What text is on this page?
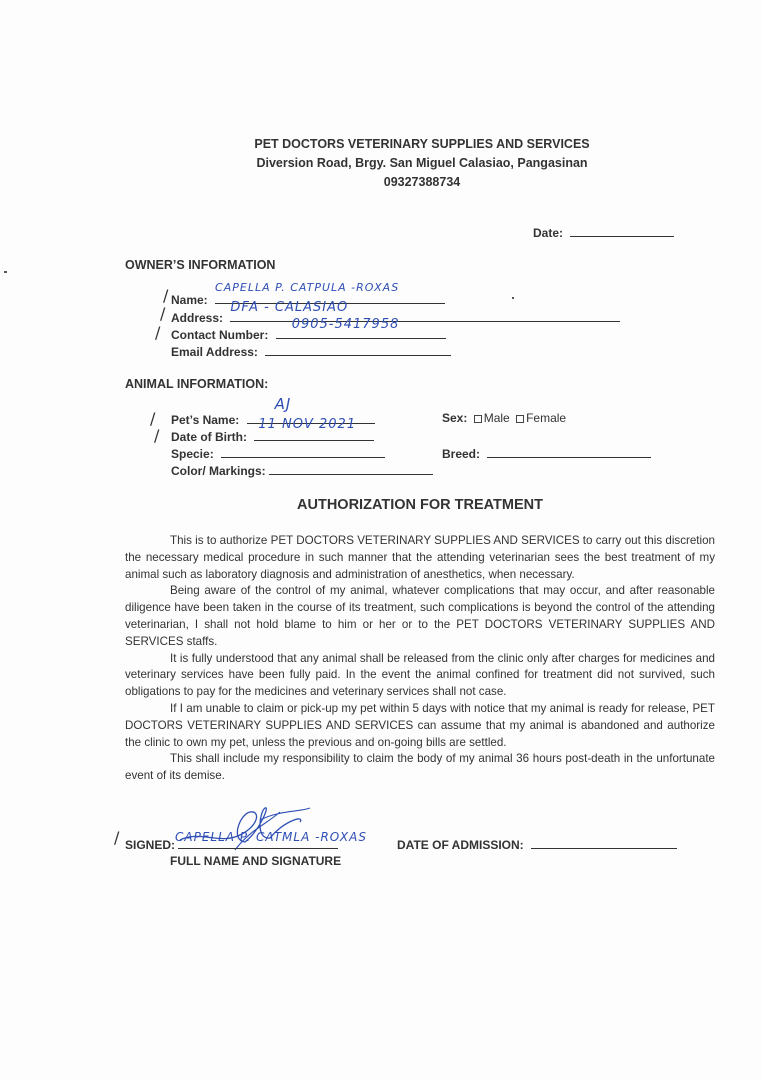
PET DOCTORS VETERINARY SUPPLIES AND SERVICES
Diversion Road, Brgy. San Miguel Calasiao, Pangasinan
09327388734
Date:
OWNER’S INFORMATION
/ Name:
CAPELLA P. CATPULA -ROXAS
/ Address:
DFA - CALASIAO
/ Contact Number:
0905-5417958
Email Address:
ANIMAL INFORMATION:
/ Pet’s Name:
AJ
Sex: Male Female
/ Date of Birth:
11 NOV 2021
Specie:	Breed:
Color/ Markings:
AUTHORIZATION FOR TREATMENT

This is to authorize PET DOCTORS VETERINARY SUPPLIES AND SERVICES to carry out this discretion the necessary medical procedure in such manner that the attending veterinarian sees the best treatment of my animal such as laboratory diagnosis and administration of anesthetics, when necessary.

Being aware of the control of my animal, whatever complications that may occur, and after reasonable diligence have been taken in the course of its treatment, such complications is beyond the control of the attending veterinarian, I shall not hold blame to him or her or to the PET DOCTORS VETERINARY SUPPLIES AND SERVICES staffs.

It is fully understood that any animal shall be released from the clinic only after charges for medicines and veterinary services have been fully paid. In the event the animal confined for treatment did not survived, such obligations to pay for the medicines and veterinary services shall not case.

If I am unable to claim or pick-up my pet within 5 days with notice that my animal is ready for release, PET DOCTORS VETERINARY SUPPLIES AND SERVICES can assume that my animal is abandoned and authorize the clinic to own my pet, unless the previous and on-going bills are settled.

This shall include my responsibility to claim the body of my animal 36 hours post-death in the unfortunate event of its demise.

/ SIGNED:
CAPELLA P. CATMLA -ROXAS
FULL NAME AND SIGNATURE
DATE OF ADMISSION:
